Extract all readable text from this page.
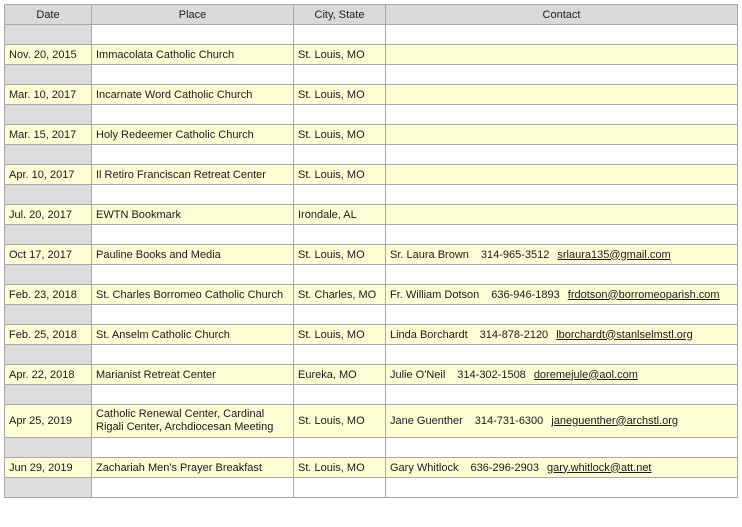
Date	Place	City, State	Contact

Nov. 20, 2015	Immacolata Catholic Church	St. Louis, MO	

Mar. 10, 2017	Incarnate Word Catholic Church	St. Louis, MO	

Mar. 15, 2017	Holy Redeemer Catholic Church	St. Louis, MO	

Apr. 10, 2017	Il Retiro Franciscan Retreat Center	St. Louis, MO	

Jul. 20, 2017	EWTN Bookmark	Irondale, AL	

Oct 17, 2017	Pauline Books and Media	St. Louis, MO	Sr. Laura Brown 314-965-3512 srlaura135@gmail.com

Feb. 23, 2018	St. Charles Borromeo Catholic Church	St. Charles, MO	Fr. William Dotson 636-946-1893 frdotson@borromeoparish.com

Feb. 25, 2018	St. Anselm Catholic Church	St. Louis, MO	Linda Borchardt 314-878-2120 lborchardt@stanlselmstl.org

Apr. 22, 2018	Marianist Retreat Center	Eureka, MO	Julie O'Neil 314-302-1508 doremejule@aol.com

Apr 25, 2019	Catholic Renewal Center, Cardinal Rigali Center, Archdiocesan Meeting	St. Louis, MO	Jane Guenther 314-731-6300 janeguenther@archstl.org

Jun 29, 2019	Zachariah Men's Prayer Breakfast	St. Louis, MO	Gary Whitlock 636-296-2903 gary.whitlock@att.net
